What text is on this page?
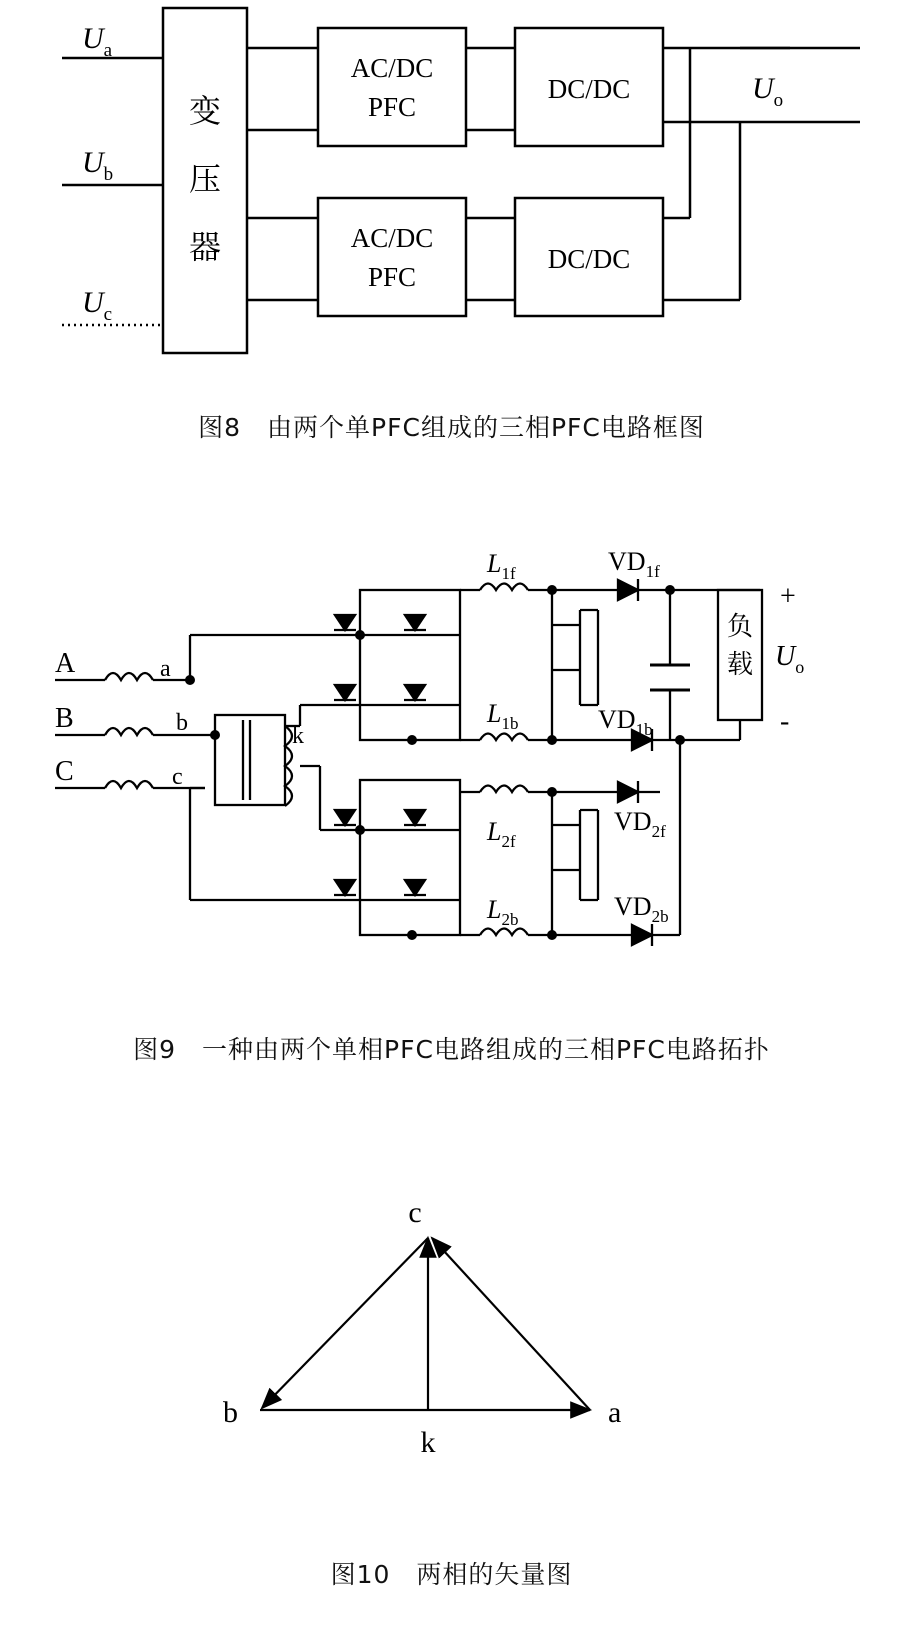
$U_a$
$U_b$
$U_c$
$U_o$
变
压
器
AC/DC
PFC
DC/DC
AC/DC
PFC
DC/DC
图8 由两个单PFC组成的三相PFC电路框图
A
B
C
a
b
c
k
$L_{1f}$
$L_{1b}$
$L_{2f}$
$L_{2b}$
$VD_{1f}$
$VD_{1b}$
$VD_{2f}$
$VD_{2b}$
负
载 $U_o$
+
-
图9 一种由两个单相PFC电路组成的三相PFC电路拓扑
c
b	a
k
图10 两相的矢量图
